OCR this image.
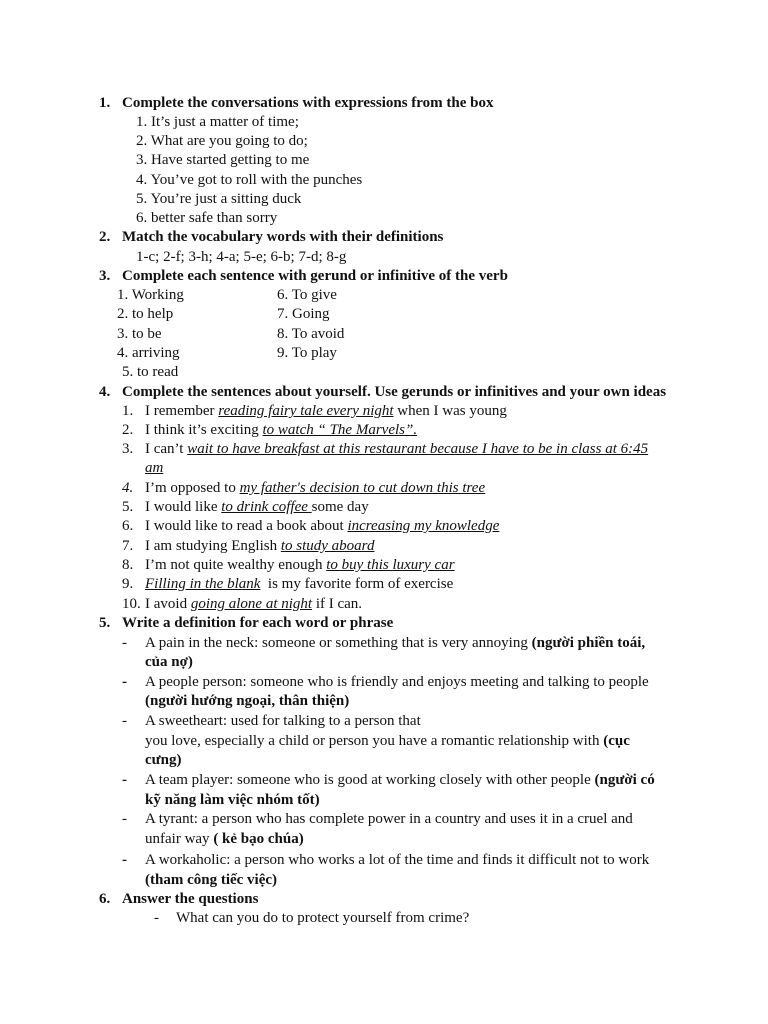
1. Complete the conversations with expressions from the box
1. It’s just a matter of time;
2. What are you going to do;
3. Have started getting to me
4. You’ve got to roll with the punches
5. You’re just a sitting duck
6. better safe than sorry
2. Match the vocabulary words with their definitions
1-c; 2-f; 3-h; 4-a; 5-e; 6-b; 7-d; 8-g
3. Complete each sentence with gerund or infinitive of the verb
1. Working
2. to help
3. to be
4. arriving
5. to read
6. To give
7. Going
8. To avoid
9. To play
4. Complete the sentences about yourself. Use gerunds or infinitives and your own ideas
1. I remember reading fairy tale every night when I was young
2. I think it’s exciting to watch “ The Marvels”.
3. I can’t wait to have breakfast at this restaurant because I have to be in class at 6:45
am
4. I’m opposed to my father's decision to cut down this tree
5. I would like to drink coffee some day
6. I would like to read a book about increasing my knowledge
7. I am studying English to study aboard
8. I’m not quite wealthy enough to buy this luxury car
9. Filling in the blank  is my favorite form of exercise
10. I avoid going alone at night if I can.
5. Write a definition for each word or phrase
- A pain in the neck: someone or something that is very annoying (người phiền toái,
của nợ)
- A people person: someone who is friendly and enjoys meeting and talking to people
(người hướng ngoại, thân thiện)
- A sweetheart: used for talking to a person that
you love, especially a child or person you have a romantic relationship with (cục
cưng)
- A team player: someone who is good at working closely with other people (người có
kỹ năng làm việc nhóm tốt)
- A tyrant: a person who has complete power in a country and uses it in a cruel and
unfair way ( kẻ bạo chúa)
- A workaholic: a person who works a lot of the time and finds it difficult not to work
(tham công tiếc việc)
6. Answer the questions
- What can you do to protect yourself from crime?
